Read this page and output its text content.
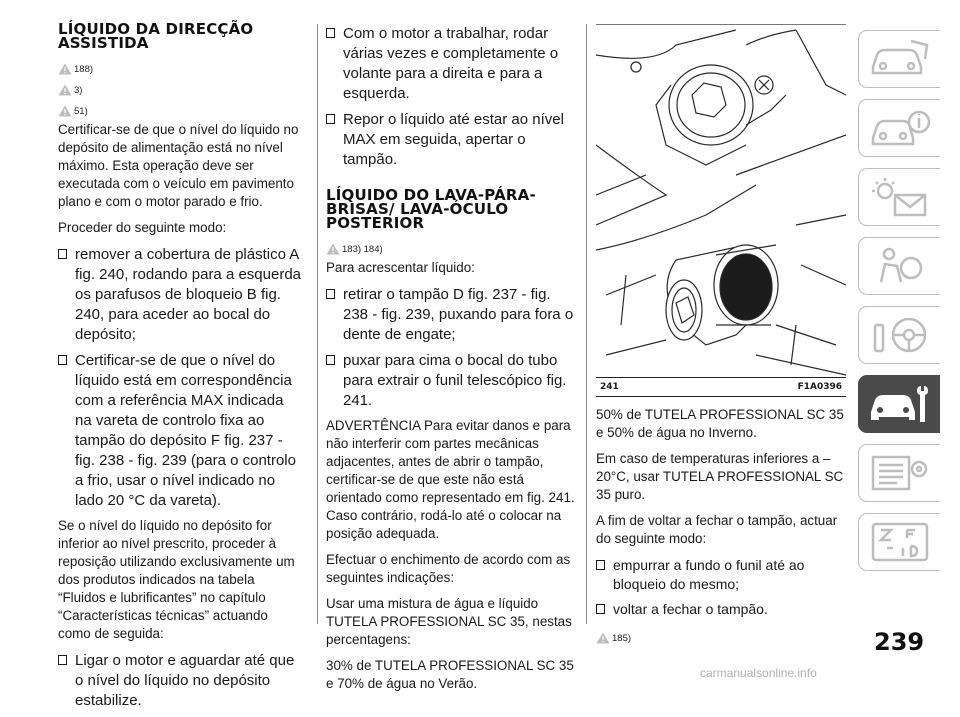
LÍQUIDO DA DIRECÇÃO ASSISTIDA
188)
3)
51)

Certificar-se de que o nível do líquido no depósito de alimentação está no nível máximo. Esta operação deve ser executada com o veículo em pavimento plano e com o motor parado e frio.

Proceder do seguinte modo:

remover a cobertura de plástico A fig. 240, rodando para a esquerda os parafusos de bloqueio B fig. 240, para aceder ao bocal do depósito;
Certificar-se de que o nível do líquido está em correspondência com a referência MAX indicada na vareta de controlo fixa ao tampão do depósito F fig. 237 - fig. 238 - fig. 239 (para o controlo a frio, usar o nível indicado no lado 20 °C da vareta).

Se o nível do líquido no depósito for inferior ao nível prescrito, proceder à reposição utilizando exclusivamente um dos produtos indicados na tabela “Fluidos e lubrificantes” no capítulo “Características técnicas” actuando como de seguida:

Ligar o motor e aguardar até que o nível do líquido no depósito estabilize.
Com o motor a trabalhar, rodar várias vezes e completamente o volante para a direita e para a esquerda.
Repor o líquido até estar ao nível MAX em seguida, apertar o tampão.
LÍQUIDO DO LAVA-PÁRA-BRISAS/ LAVA-ÓCULO POSTERIOR
183) 184)

Para acrescentar líquido:

retirar o tampão D fig. 237 - fig. 238 - fig. 239, puxando para fora o dente de engate;
puxar para cima o bocal do tubo para extrair o funil telescópico fig. 241.

ADVERTÊNCIA Para evitar danos e para não interferir com partes mecânicas adjacentes, antes de abrir o tampão, certificar-se de que este não está orientado como representado em fig. 241. Caso contrário, rodá-lo até o colocar na posição adequada.

Efectuar o enchimento de acordo com as seguintes indicações:

Usar uma mistura de água e líquido TUTELA PROFESSIONAL SC 35, nestas percentagens:

30% de TUTELA PROFESSIONAL SC 35 e 70% de água no Verão.

241	F1A0396

50% de TUTELA PROFESSIONAL SC 35 e 50% de água no Inverno.

Em caso de temperaturas inferiores a –20°C, usar TUTELA PROFESSIONAL SC 35 puro.

A fim de voltar a fechar o tampão, actuar do seguinte modo:

empurrar a fundo o funil até ao bloqueio do mesmo;
voltar a fechar o tampão.
185)	239
carmanualsonline.info
